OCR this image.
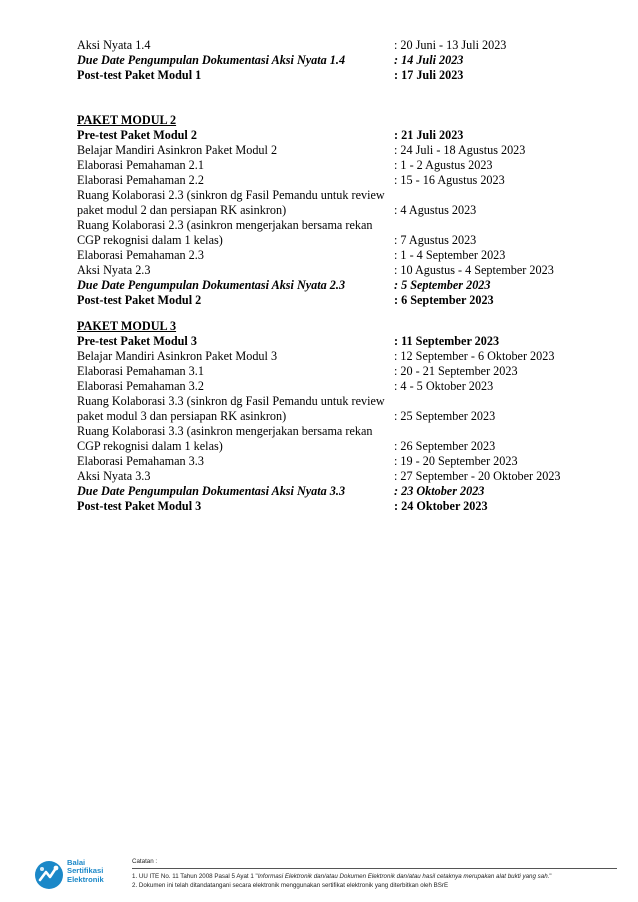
Aksi Nyata 1.4	: 20 Juni - 13 Juli 2023
Due Date Pengumpulan Dokumentasi Aksi Nyata 1.4	: 14 Juli 2023
Post-test Paket Modul 1	: 17 Juli 2023
PAKET MODUL 2
Pre-test Paket Modul 2	: 21 Juli 2023
Belajar Mandiri Asinkron Paket Modul 2	: 24 Juli - 18 Agustus 2023
Elaborasi Pemahaman 2.1	: 1 - 2 Agustus 2023
Elaborasi Pemahaman 2.2	: 15 - 16 Agustus 2023
Ruang Kolaborasi 2.3 (sinkron dg Fasil Pemandu untuk review paket modul 2 dan persiapan RK asinkron)	: 4 Agustus 2023
Ruang Kolaborasi 2.3 (asinkron mengerjakan bersama rekan CGP rekognisi dalam 1 kelas)	: 7 Agustus 2023
Elaborasi Pemahaman 2.3	: 1 - 4 September 2023
Aksi Nyata 2.3	: 10 Agustus - 4 September 2023
Due Date Pengumpulan Dokumentasi Aksi Nyata 2.3	: 5 September 2023
Post-test Paket Modul 2	: 6 September 2023
PAKET MODUL 3
Pre-test Paket Modul 3	: 11 September 2023
Belajar Mandiri Asinkron Paket Modul 3	: 12 September - 6 Oktober 2023
Elaborasi Pemahaman 3.1	: 20 - 21 September 2023
Elaborasi Pemahaman 3.2	: 4 - 5 Oktober 2023
Ruang Kolaborasi 3.3 (sinkron dg Fasil Pemandu untuk review paket modul 3 dan persiapan RK asinkron)	: 25 September 2023
Ruang Kolaborasi 3.3 (asinkron mengerjakan bersama rekan CGP rekognisi dalam 1 kelas)	: 26 September 2023
Elaborasi Pemahaman 3.3	: 19 - 20 September 2023
Aksi Nyata 3.3	: 27 September - 20 Oktober 2023
Due Date Pengumpulan Dokumentasi Aksi Nyata 3.3	: 23 Oktober 2023
Post-test Paket Modul 3	: 24 Oktober 2023
Balai
Sertifikasi
Elektronik
Catatan :
1. UU ITE No. 11 Tahun 2008 Pasal 5 Ayat 1 "Informasi Elektronik dan/atau Dokumen Elektronik dan/atau hasil cetaknya merupakan alat bukti yang sah."
2. Dokumen ini telah ditandatangani secara elektronik menggunakan sertifikat elektronik yang diterbitkan oleh BSrE
